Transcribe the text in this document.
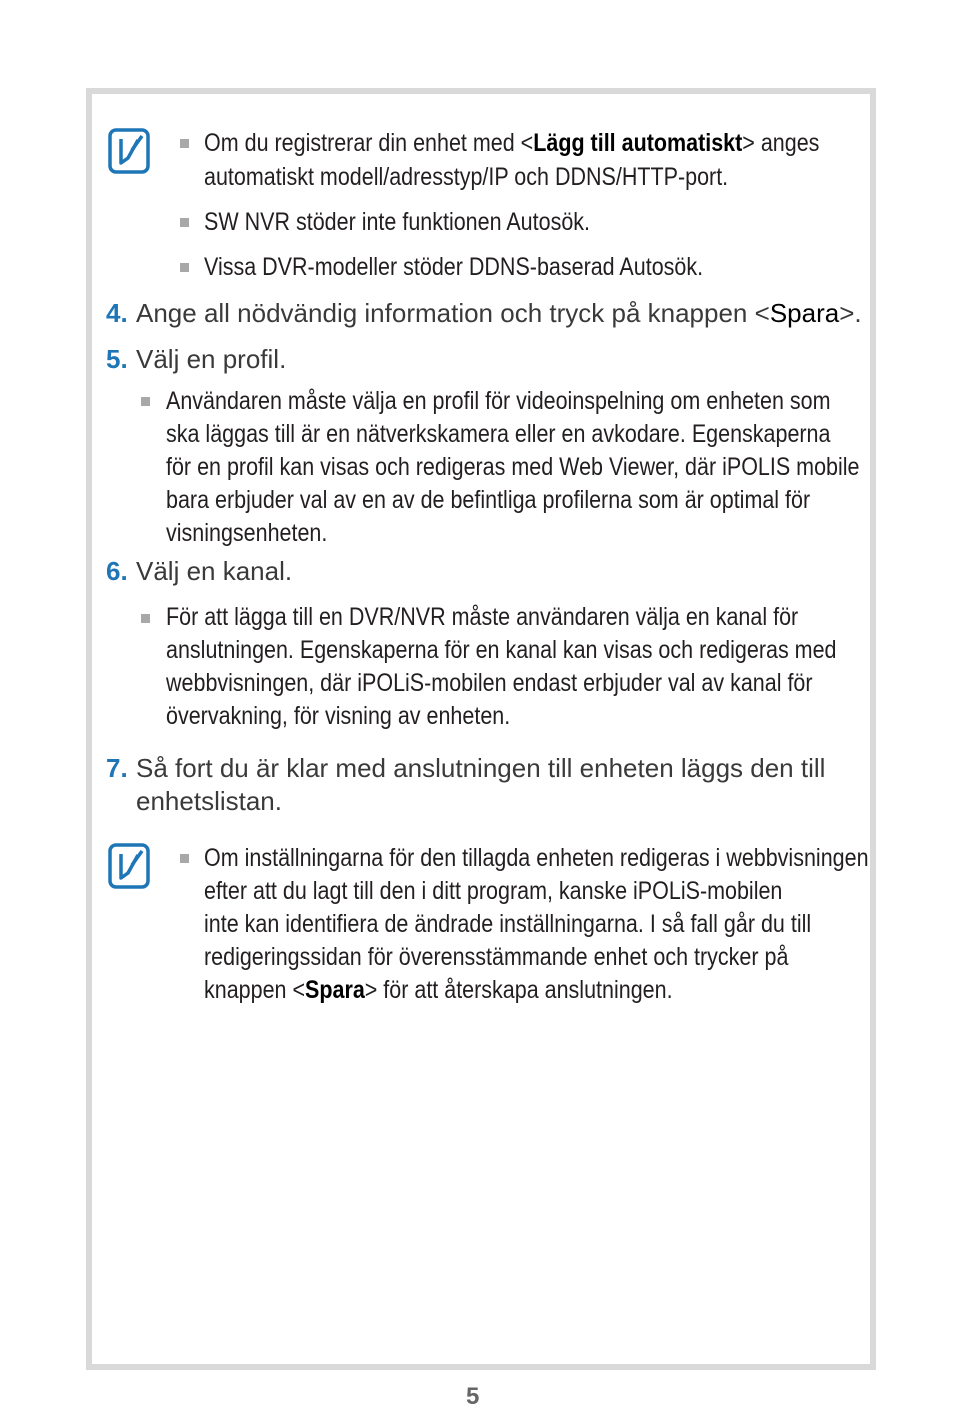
Om du registrerar din enhet med <Lägg till automatiskt> anges
automatiskt modell/adresstyp/IP och DDNS/HTTP-port.
SW NVR stöder inte funktionen Autosök.
Vissa DVR-modeller stöder DDNS-baserad Autosök.
4. Ange all nödvändig information och tryck på knappen <Spara>.
5. Välj en profil.
Användaren måste välja en profil för videoinspelning om enheten som
ska läggas till är en nätverkskamera eller en avkodare. Egenskaperna
för en profil kan visas och redigeras med Web Viewer, där iPOLIS mobile
bara erbjuder val av en av de befintliga profilerna som är optimal för
visningsenheten.
6. Välj en kanal.
För att lägga till en DVR/NVR måste användaren välja en kanal för
anslutningen. Egenskaperna för en kanal kan visas och redigeras med
webbvisningen, där iPOLiS-mobilen endast erbjuder val av kanal för
övervakning, för visning av enheten.
7. Så fort du är klar med anslutningen till enheten läggs den till
enhetslistan.
Om inställningarna för den tillagda enheten redigeras i webbvisningen
efter att du lagt till den i ditt program, kanske iPOLiS-mobilen
inte kan identifiera de ändrade inställningarna. I så fall går du till
redigeringssidan för överensstämmande enhet och trycker på
knappen <Spara> för att återskapa anslutningen.
5
